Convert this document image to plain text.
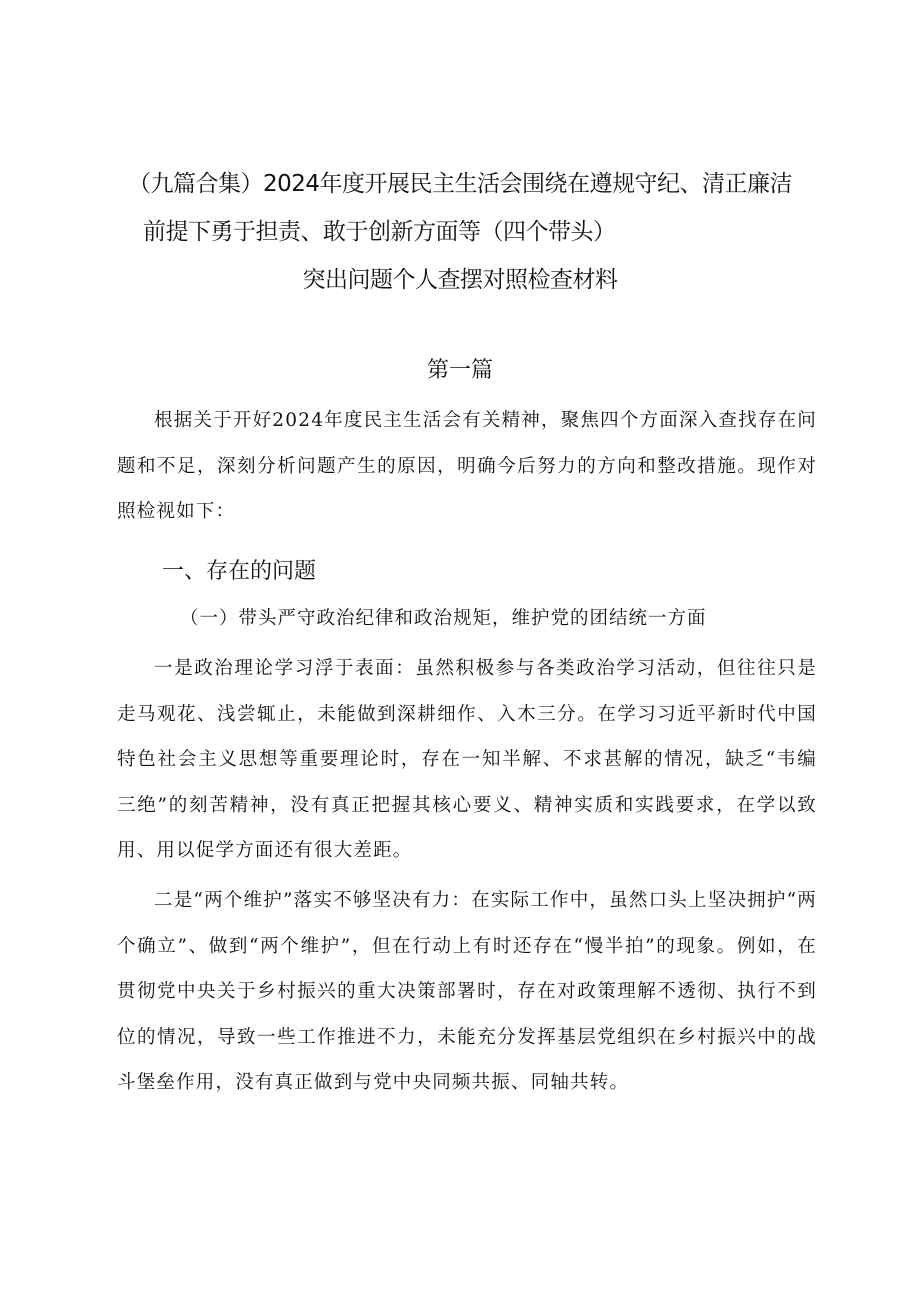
（九篇合集）2024年度开展民主生活会围绕在遵规守纪、清正廉洁
前提下勇于担责、敢于创新方面等（四个带头）
突出问题个人查摆对照检查材料
第一篇

根据关于开好2024年度民主生活会有关精神，聚焦四个方面深入查找存在问题和不足，深刻分析问题产生的原因，明确今后努力的方向和整改措施。现作对照检视如下：

一、存在的问题
（一）带头严守政治纪律和政治规矩，维护党的团结统一方面

一是政治理论学习浮于表面：虽然积极参与各类政治学习活动，但往往只是走马观花、浅尝辄止，未能做到深耕细作、入木三分。在学习习近平新时代中国特色社会主义思想等重要理论时，存在一知半解、不求甚解的情况，缺乏“韦编三绝”的刻苦精神，没有真正把握其核心要义、精神实质和实践要求，在学以致用、用以促学方面还有很大差距。

二是“两个维护”落实不够坚决有力：在实际工作中，虽然口头上坚决拥护“两个确立”、做到“两个维护”，但在行动上有时还存在“慢半拍”的现象。例如，在贯彻党中央关于乡村振兴的重大决策部署时，存在对政策理解不透彻、执行不到位的情况，导致一些工作推进不力，未能充分发挥基层党组织在乡村振兴中的战斗堡垒作用，没有真正做到与党中央同频共振、同轴共转。
